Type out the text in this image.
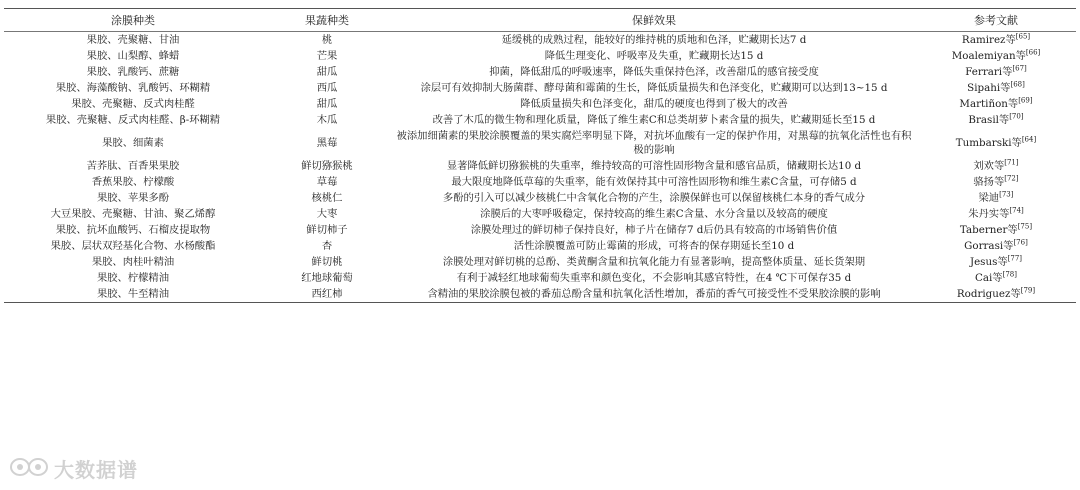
涂膜种类	果蔬种类	保鲜效果	参考文献
果胶、壳聚糖、甘油	桃	延缓桃的成熟过程，能较好的维持桃的质地和色泽，贮藏期长达7 d	Ramirez等[65]
果胶、山梨醇、蜂蜡	芒果	降低生理变化、呼吸率及失重，贮藏期长达15 d	Moalemiyan等[66]
果胶、乳酸钙、蔗糖	甜瓜	抑菌，降低甜瓜的呼吸速率，降低失重保持色泽，改善甜瓜的感官接受度	Ferrari等[67]
果胶、海藻酸钠、乳酸钙、环糊精	西瓜	涂层可有效抑制大肠菌群、酵母菌和霉菌的生长，降低质量损失和色泽变化，贮藏期可以达到13~15 d	Sipahi等[68]
果胶、壳聚糖、反式肉桂醛	甜瓜	降低质量损失和色泽变化，甜瓜的硬度也得到了极大的改善	Martiñon等[69]
果胶、壳聚糖、反式肉桂醛、β-环糊精	木瓜	改善了木瓜的微生物和理化质量，降低了维生素C和总类胡萝卜素含量的损失，贮藏期延长至15 d	Brasil等[70]
果胶、细菌素	黑莓	被添加细菌素的果胶涂膜覆盖的果实腐烂率明显下降，对抗坏血酸有一定的保护作用，对黑莓的抗氧化活性也有积极的影响	Tumbarski等[64]
苦荞肽、百香果果胶	鲜切猕猴桃	显著降低鲜切猕猴桃的失重率，维持较高的可溶性固形物含量和感官品质，储藏期长达10 d	刘欢等[71]
香蕉果胶、柠檬酸	草莓	最大限度地降低草莓的失重率，能有效保持其中可溶性固形物和维生素C含量，可存储5 d	骆扬等[72]
果胶、苹果多酚	核桃仁	多酚的引入可以减少核桃仁中含氧化合物的产生，涂膜保鲜也可以保留核桃仁本身的香气成分	梁迪[73]
大豆果胶、壳聚糖、甘油、聚乙烯醇	大枣	涂膜后的大枣呼吸稳定，保持较高的维生素C含量、水分含量以及较高的硬度	朱丹实等[74]
果胶、抗坏血酸钙、石榴皮提取物	鲜切柿子	涂膜处理过的鲜切柿子保持良好，柿子片在储存7 d后仍具有较高的市场销售价值	Taberner等[75]
果胶、层状双羟基化合物、水杨酸酯	杏	活性涂膜覆盖可防止霉菌的形成，可将杏的保存期延长至10 d	Gorrasi等[76]
果胶、肉桂叶精油	鲜切桃	涂膜处理对鲜切桃的总酚、类黄酮含量和抗氧化能力有显著影响，提高整体质量、延长货架期	Jesus等[77]
果胶、柠檬精油	红地球葡萄	有利于减轻红地球葡萄失重率和颜色变化，不会影响其感官特性，在4 ℃下可保存35 d	Cai等[78]
果胶、牛至精油	西红柿	含精油的果胶涂膜包被的番茄总酚含量和抗氧化活性增加，番茄的香气可接受性不受果胶涂膜的影响	Rodriguez等[79]
大数据谱
